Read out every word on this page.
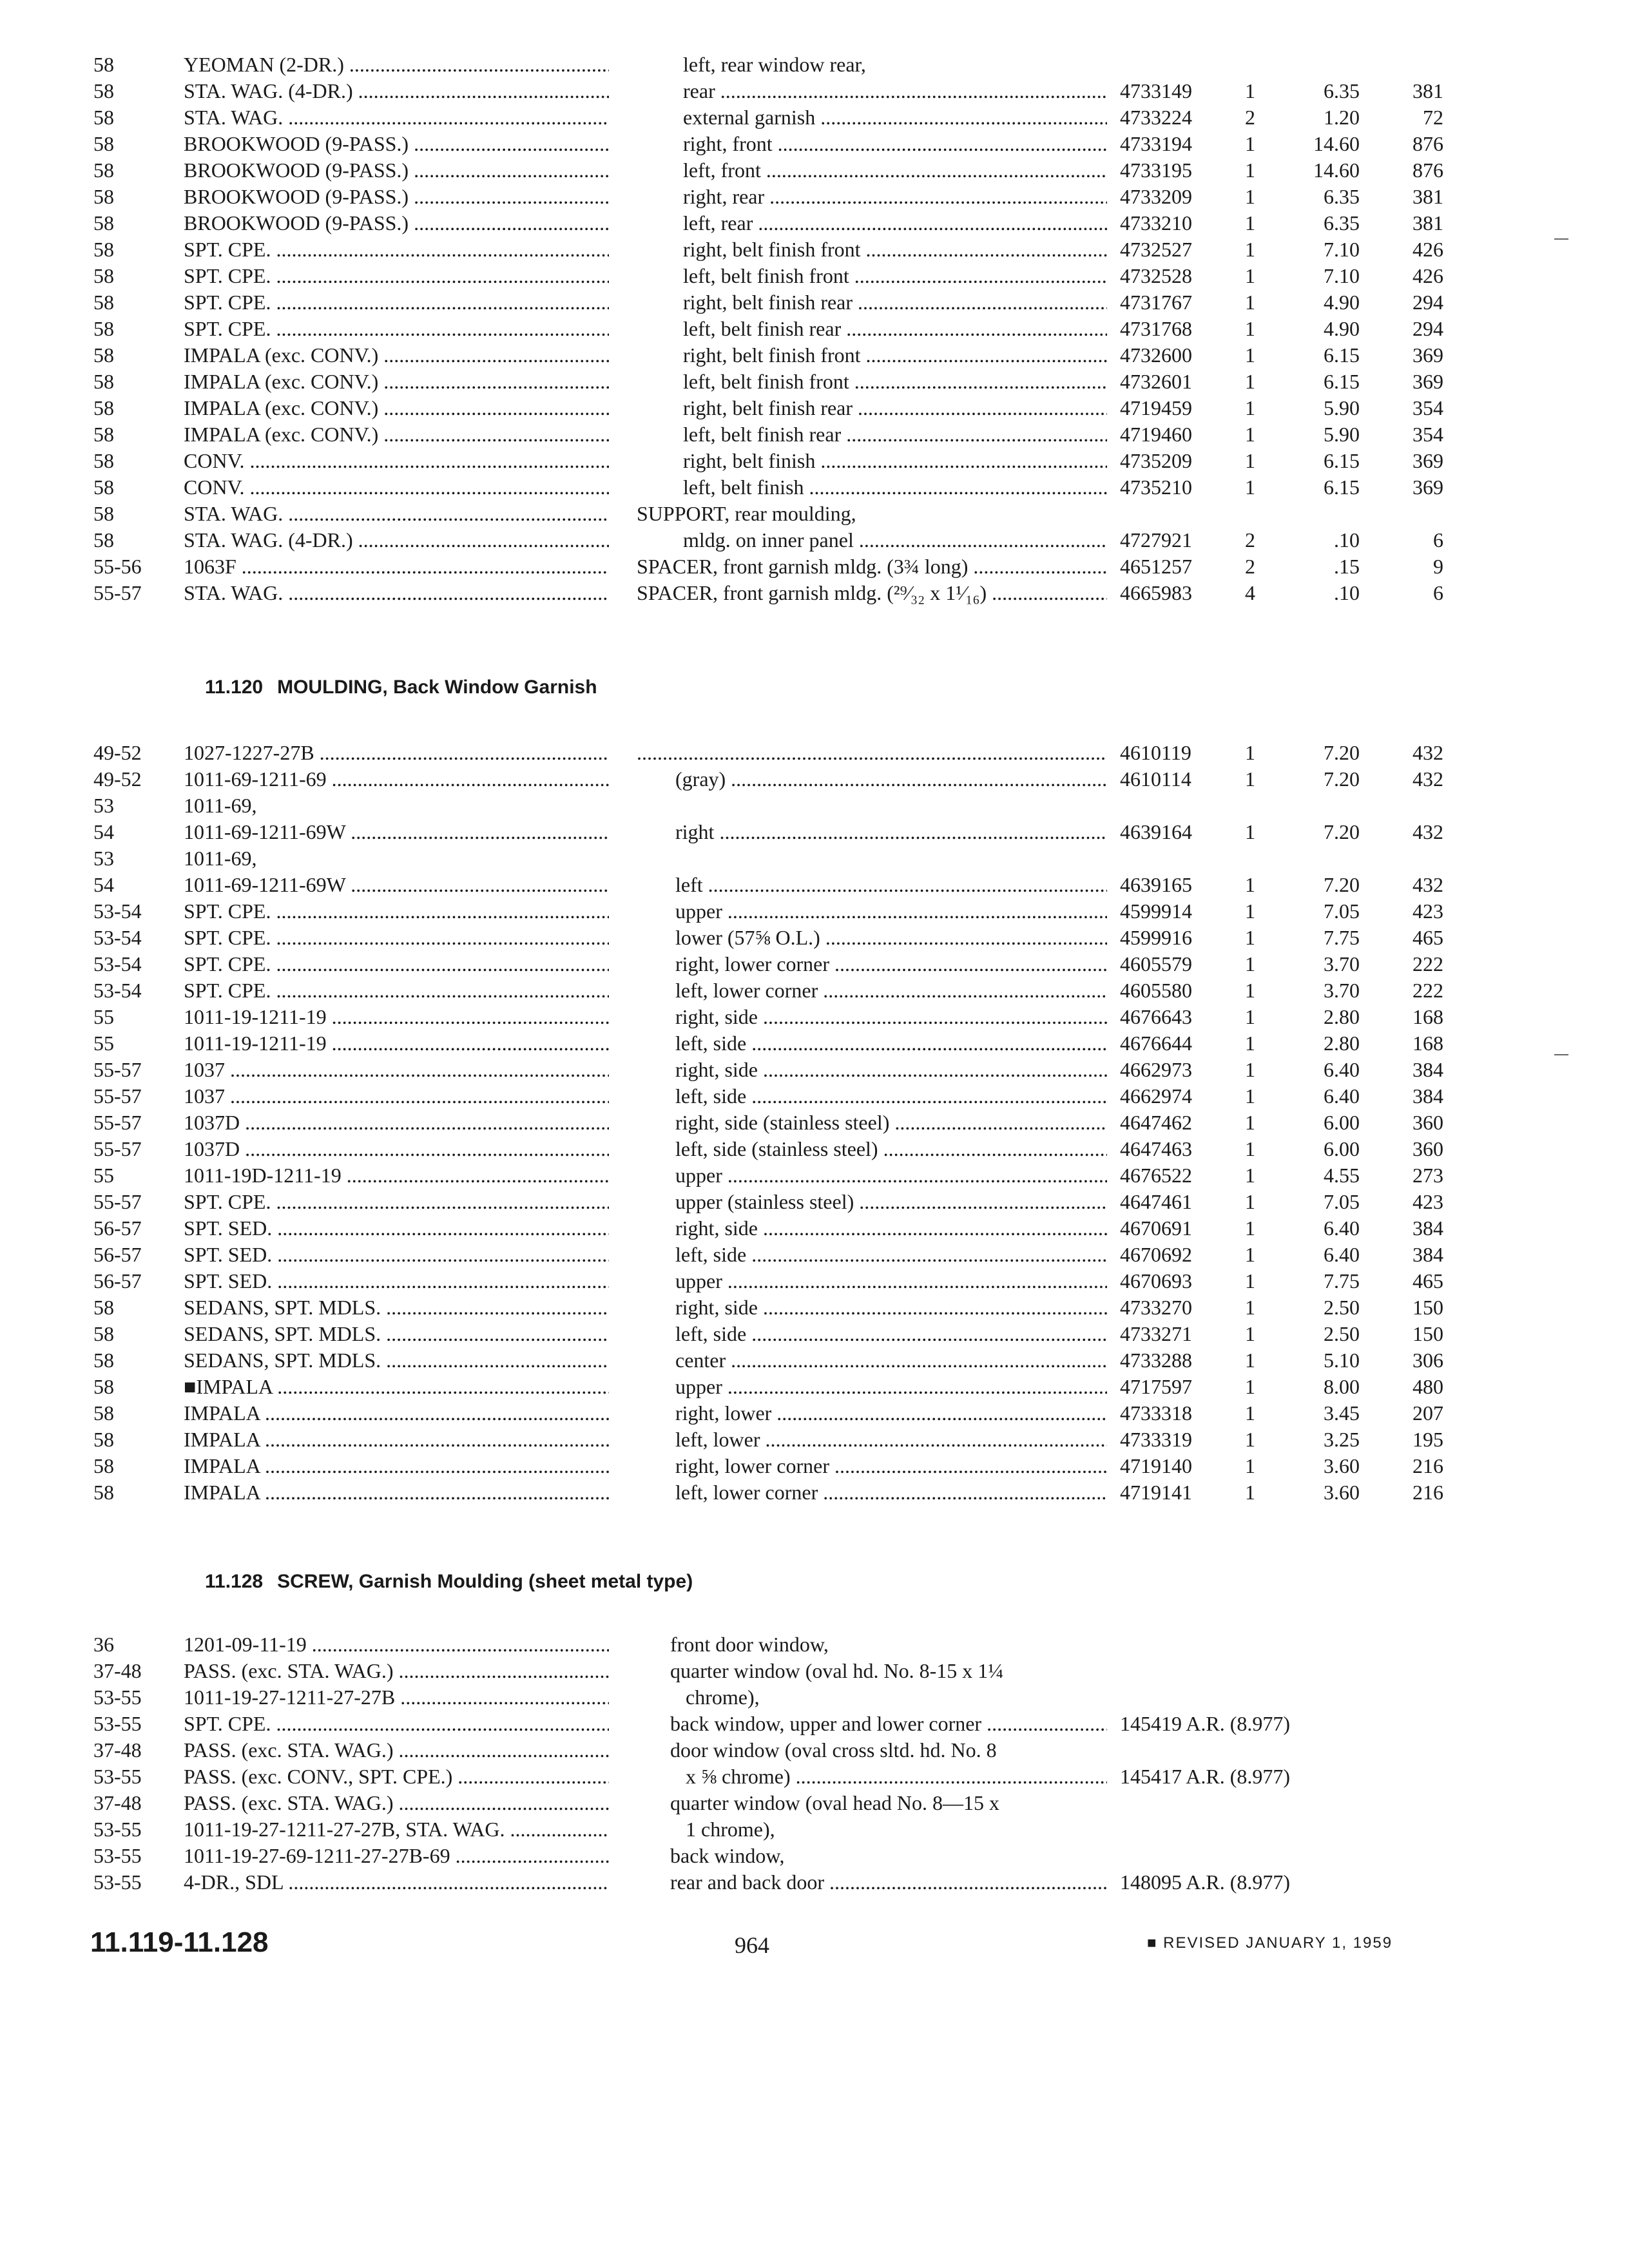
58	YEOMAN (2-DR.) .....	left, rear window rear,
58	STA. WAG. (4-DR.) .....	rear .....	4733149	1	6.35	381
58	STA. WAG. .....	external garnish .....	4733224	2	1.20	72
58	BROOKWOOD (9-PASS.) .....	right, front .....	4733194	1	14.60	876
58	BROOKWOOD (9-PASS.) .....	left, front .....	4733195	1	14.60	876
58	BROOKWOOD (9-PASS.) .....	right, rear .....	4733209	1	6.35	381
58	BROOKWOOD (9-PASS.) .....	left, rear .....	4733210	1	6.35	381
58	SPT. CPE. .....	right, belt finish front .....	4732527	1	7.10	426
58	SPT. CPE. .....	left, belt finish front .....	4732528	1	7.10	426
58	SPT. CPE. .....	right, belt finish rear .....	4731767	1	4.90	294
58	SPT. CPE. .....	left, belt finish rear .....	4731768	1	4.90	294
58	IMPALA (exc. CONV.) .....	right, belt finish front .....	4732600	1	6.15	369
58	IMPALA (exc. CONV.) .....	left, belt finish front .....	4732601	1	6.15	369
58	IMPALA (exc. CONV.) .....	right, belt finish rear .....	4719459	1	5.90	354
58	IMPALA (exc. CONV.) .....	left, belt finish rear .....	4719460	1	5.90	354
58	CONV. .....	right, belt finish .....	4735209	1	6.15	369
58	CONV. .....	left, belt finish .....	4735210	1	6.15	369
58	STA. WAG. .....	SUPPORT, rear moulding,
58	STA. WAG. (4-DR.) .....	mldg. on inner panel .....	4727921	2	.10	6
55-56	1063F .....	SPACER, front garnish mldg. (3¾ long) .....	4651257	2	.15	9
55-57	STA. WAG. .....	SPACER, front garnish mldg. (²⁹⁄₃₂ x 1¹⁄₁₆) .....	4665983	4	.10	6
11.120 MOULDING, Back Window Garnish
49-52	1027-1227-27B .....
.....	4610119	1	7.20	432
49-52	1011-69-1211-69 .....	(gray) .....	4610114	1	7.20	432
53	1011-69,
54	1011-69-1211-69W .....	right .....	4639164	1	7.20	432
53	1011-69,
54	1011-69-1211-69W .....	left .....	4639165	1	7.20	432
53-54	SPT. CPE. .....	upper .....	4599914	1	7.05	423
53-54	SPT. CPE. .....	lower (57⅝ O.L.) .....	4599916	1	7.75	465
53-54	SPT. CPE. .....	right, lower corner .....	4605579	1	3.70	222
53-54	SPT. CPE. .....	left, lower corner .....	4605580	1	3.70	222
55	1011-19-1211-19 .....	right, side .....	4676643	1	2.80	168
55	1011-19-1211-19 .....	left, side .....	4676644	1	2.80	168
55-57	1037 .....	right, side .....	4662973	1	6.40	384
55-57	1037 .....	left, side .....	4662974	1	6.40	384
55-57	1037D .....	right, side (stainless steel) .....	4647462	1	6.00	360
55-57	1037D .....	left, side (stainless steel) .....	4647463	1	6.00	360
55	1011-19D-1211-19 .....	upper .....	4676522	1	4.55	273
55-57	SPT. CPE. .....	upper (stainless steel) .....	4647461	1	7.05	423
56-57	SPT. SED. .....	right, side .....	4670691	1	6.40	384
56-57	SPT. SED. .....	left, side .....	4670692	1	6.40	384
56-57	SPT. SED. .....	upper .....	4670693	1	7.75	465
58	SEDANS, SPT. MDLS. .....	right, side .....	4733270	1	2.50	150
58	SEDANS, SPT. MDLS. .....	left, side .....	4733271	1	2.50	150
58	SEDANS, SPT. MDLS. .....	center .....	4733288	1	5.10	306
58	■IMPALA .....	upper .....	4717597	1	8.00	480
58	IMPALA .....	right, lower .....	4733318	1	3.45	207
58	IMPALA .....	left, lower .....	4733319	1	3.25	195
58	IMPALA .....	right, lower corner .....	4719140	1	3.60	216
58	IMPALA .....	left, lower corner .....	4719141	1	3.60	216
11.128 SCREW, Garnish Moulding (sheet metal type)
36	1201-09-11-19 .....	front door window,
37-48	PASS. (exc. STA. WAG.) .....	quarter window (oval hd. No. 8-15 x 1¼
53-55	1011-19-27-1211-27-27B .....	chrome),
53-55	SPT. CPE. .....	back window, upper and lower corner .....	145419 A.R. (8.977)
37-48	PASS. (exc. STA. WAG.) .....	door window (oval cross sltd. hd. No. 8
53-55	PASS. (exc. CONV., SPT. CPE.) .....	x ⅝ chrome) .....	145417 A.R. (8.977)
37-48	PASS. (exc. STA. WAG.) .....	quarter window (oval head No. 8—15 x
53-55	1011-19-27-1211-27-27B, STA. WAG. .....	1 chrome),
53-55	1011-19-27-69-1211-27-27B-69 .....	back window,
53-55	4-DR., SDL .....	rear and back door .....	148095 A.R. (8.977)
11.119-11.128	964	■ REVISED JANUARY 1, 1959
